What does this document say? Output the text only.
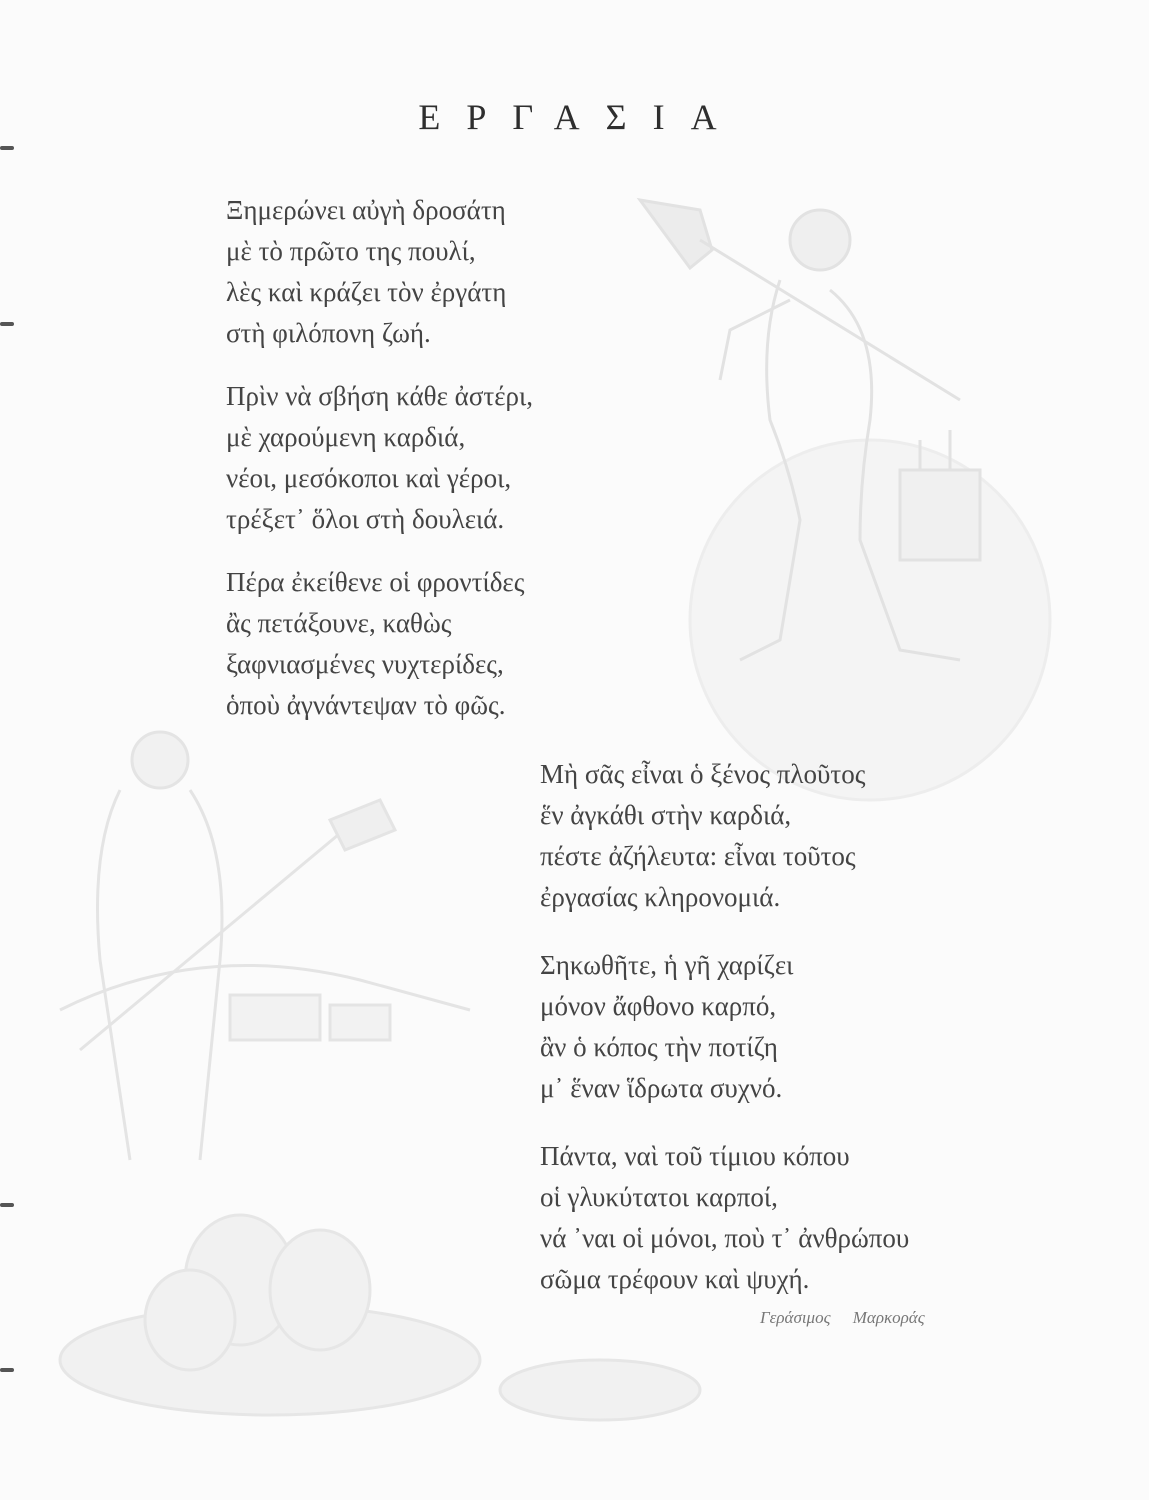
ΕΡΓΑΣΙΑ
Ξημερώνει αὐγὴ δροσάτη
μὲ τὸ πρῶτο της πουλί,
λὲς καὶ κράζει τὸν ἐργάτη
στὴ φιλόπονη ζωή.
Πρὶν νὰ σβήση κάθε ἀστέρι,
μὲ χαρούμενη καρδιά,
νέοι, μεσόκοποι καὶ γέροι,
τρέξετ᾽ ὅλοι στὴ δουλειά.
Πέρα ἐκείθενε οἱ φροντίδες
ἂς πετάξουνε, καθὼς
ξαφνιασμένες νυχτερίδες,
ὁποὺ ἀγνάντεψαν τὸ φῶς.
Μὴ σᾶς εἶναι ὁ ξένος πλοῦτος
ἕν ἀγκάθι στὴν καρδιά,
πέστε ἀζήλευτα: εἶναι τοῦτος
ἐργασίας κληρονομιά.
Σηκωθῆτε, ἡ γῆ χαρίζει
μόνον ἄφθονο καρπό,
ἂν ὁ κόπος τὴν ποτίζη
μ᾽ ἕναν ἵδρωτα συχνό.
Πάντα, ναὶ τοῦ τίμιου κόπου
οἱ γλυκύτατοι καρποί,
νά ᾽ναι οἱ μόνοι, ποὺ τ᾽ ἀνθρώπου
σῶμα τρέφουν καὶ ψυχή.
Γεράσιμος Μαρκοράς
